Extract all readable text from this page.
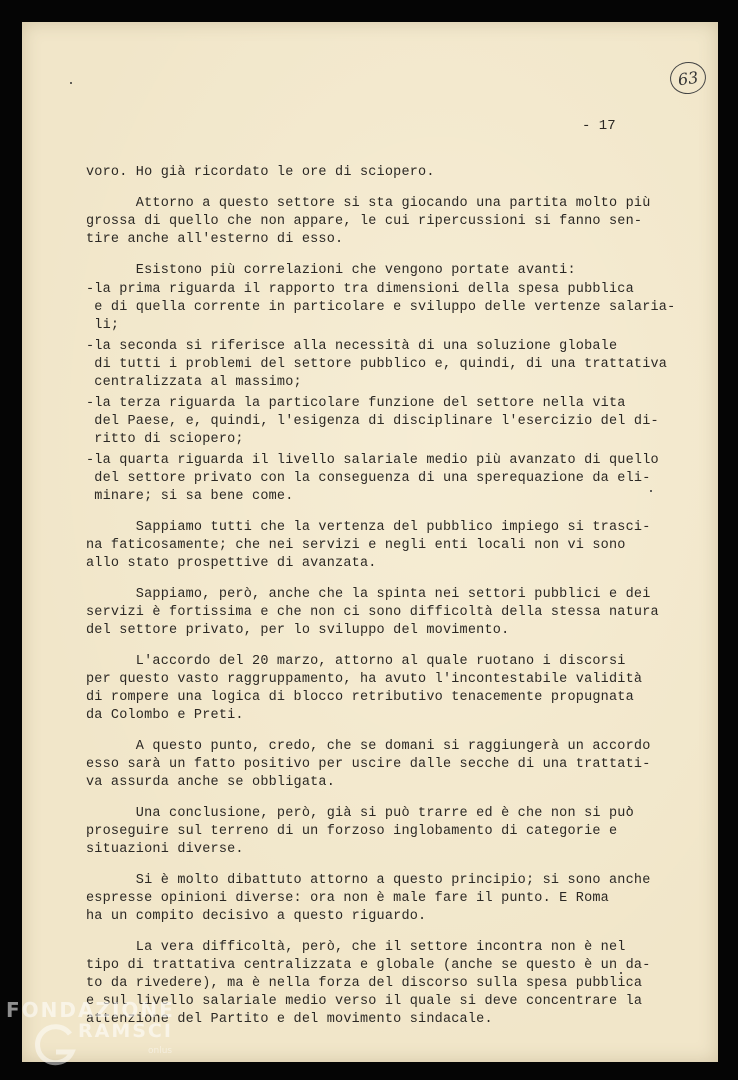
63
- 17
voro. Ho già ricordato le ore di sciopero.
Attorno a questo settore si sta giocando una partita molto più
grossa di quello che non appare, le cui ripercussioni si fanno sen-
tire anche all'esterno di esso.
Esistono più correlazioni che vengono portate avanti:
-la prima riguarda il rapporto tra dimensioni della spesa pubblica
e di quella corrente in particolare e sviluppo delle vertenze salaria-
li;
-la seconda si riferisce alla necessità di una soluzione globale
di tutti i problemi del settore pubblico e, quindi, di una trattativa
centralizzata al massimo;
-la terza riguarda la particolare funzione del settore nella vita
del Paese, e, quindi, l'esigenza di disciplinare l'esercizio del di-
ritto di sciopero;
-la quarta riguarda il livello salariale medio più avanzato di quello
del settore privato con la conseguenza di una sperequazione da eli-
minare; si sa bene come.
Sappiamo tutti che la vertenza del pubblico impiego si trasci-
na faticosamente; che nei servizi e negli enti locali non vi sono
allo stato prospettive di avanzata.
Sappiamo, però, anche che la spinta nei settori pubblici e dei
servizi è fortissima e che non ci sono difficoltà della stessa natura
del settore privato, per lo sviluppo del movimento.
L'accordo del 20 marzo, attorno al quale ruotano i discorsi
per questo vasto raggruppamento, ha avuto l'incontestabile validità
di rompere una logica di blocco retributivo tenacemente propugnata
da Colombo e Preti.
A questo punto, credo, che se domani si raggiungerà un accordo
esso sarà un fatto positivo per uscire dalle secche di una trattati-
va assurda anche se obbligata.
Una conclusione, però, già si può trarre ed è che non si può
proseguire sul terreno di un forzoso inglobamento di categorie e
situazioni diverse.
Si è molto dibattuto attorno a questo principio; si sono anche
espresse opinioni diverse: ora non è male fare il punto. E Roma
ha un compito decisivo a questo riguardo.
La vera difficoltà, però, che il settore incontra non è nel
tipo di trattativa centralizzata e globale (anche se questo è un da-
to da rivedere), ma è nella forza del discorso sulla spesa pubblica
e sul livello salariale medio verso il quale si deve concentrare la
attenzione del Partito e del movimento sindacale.
FONDAZIONE
RAMSCI
onlus
